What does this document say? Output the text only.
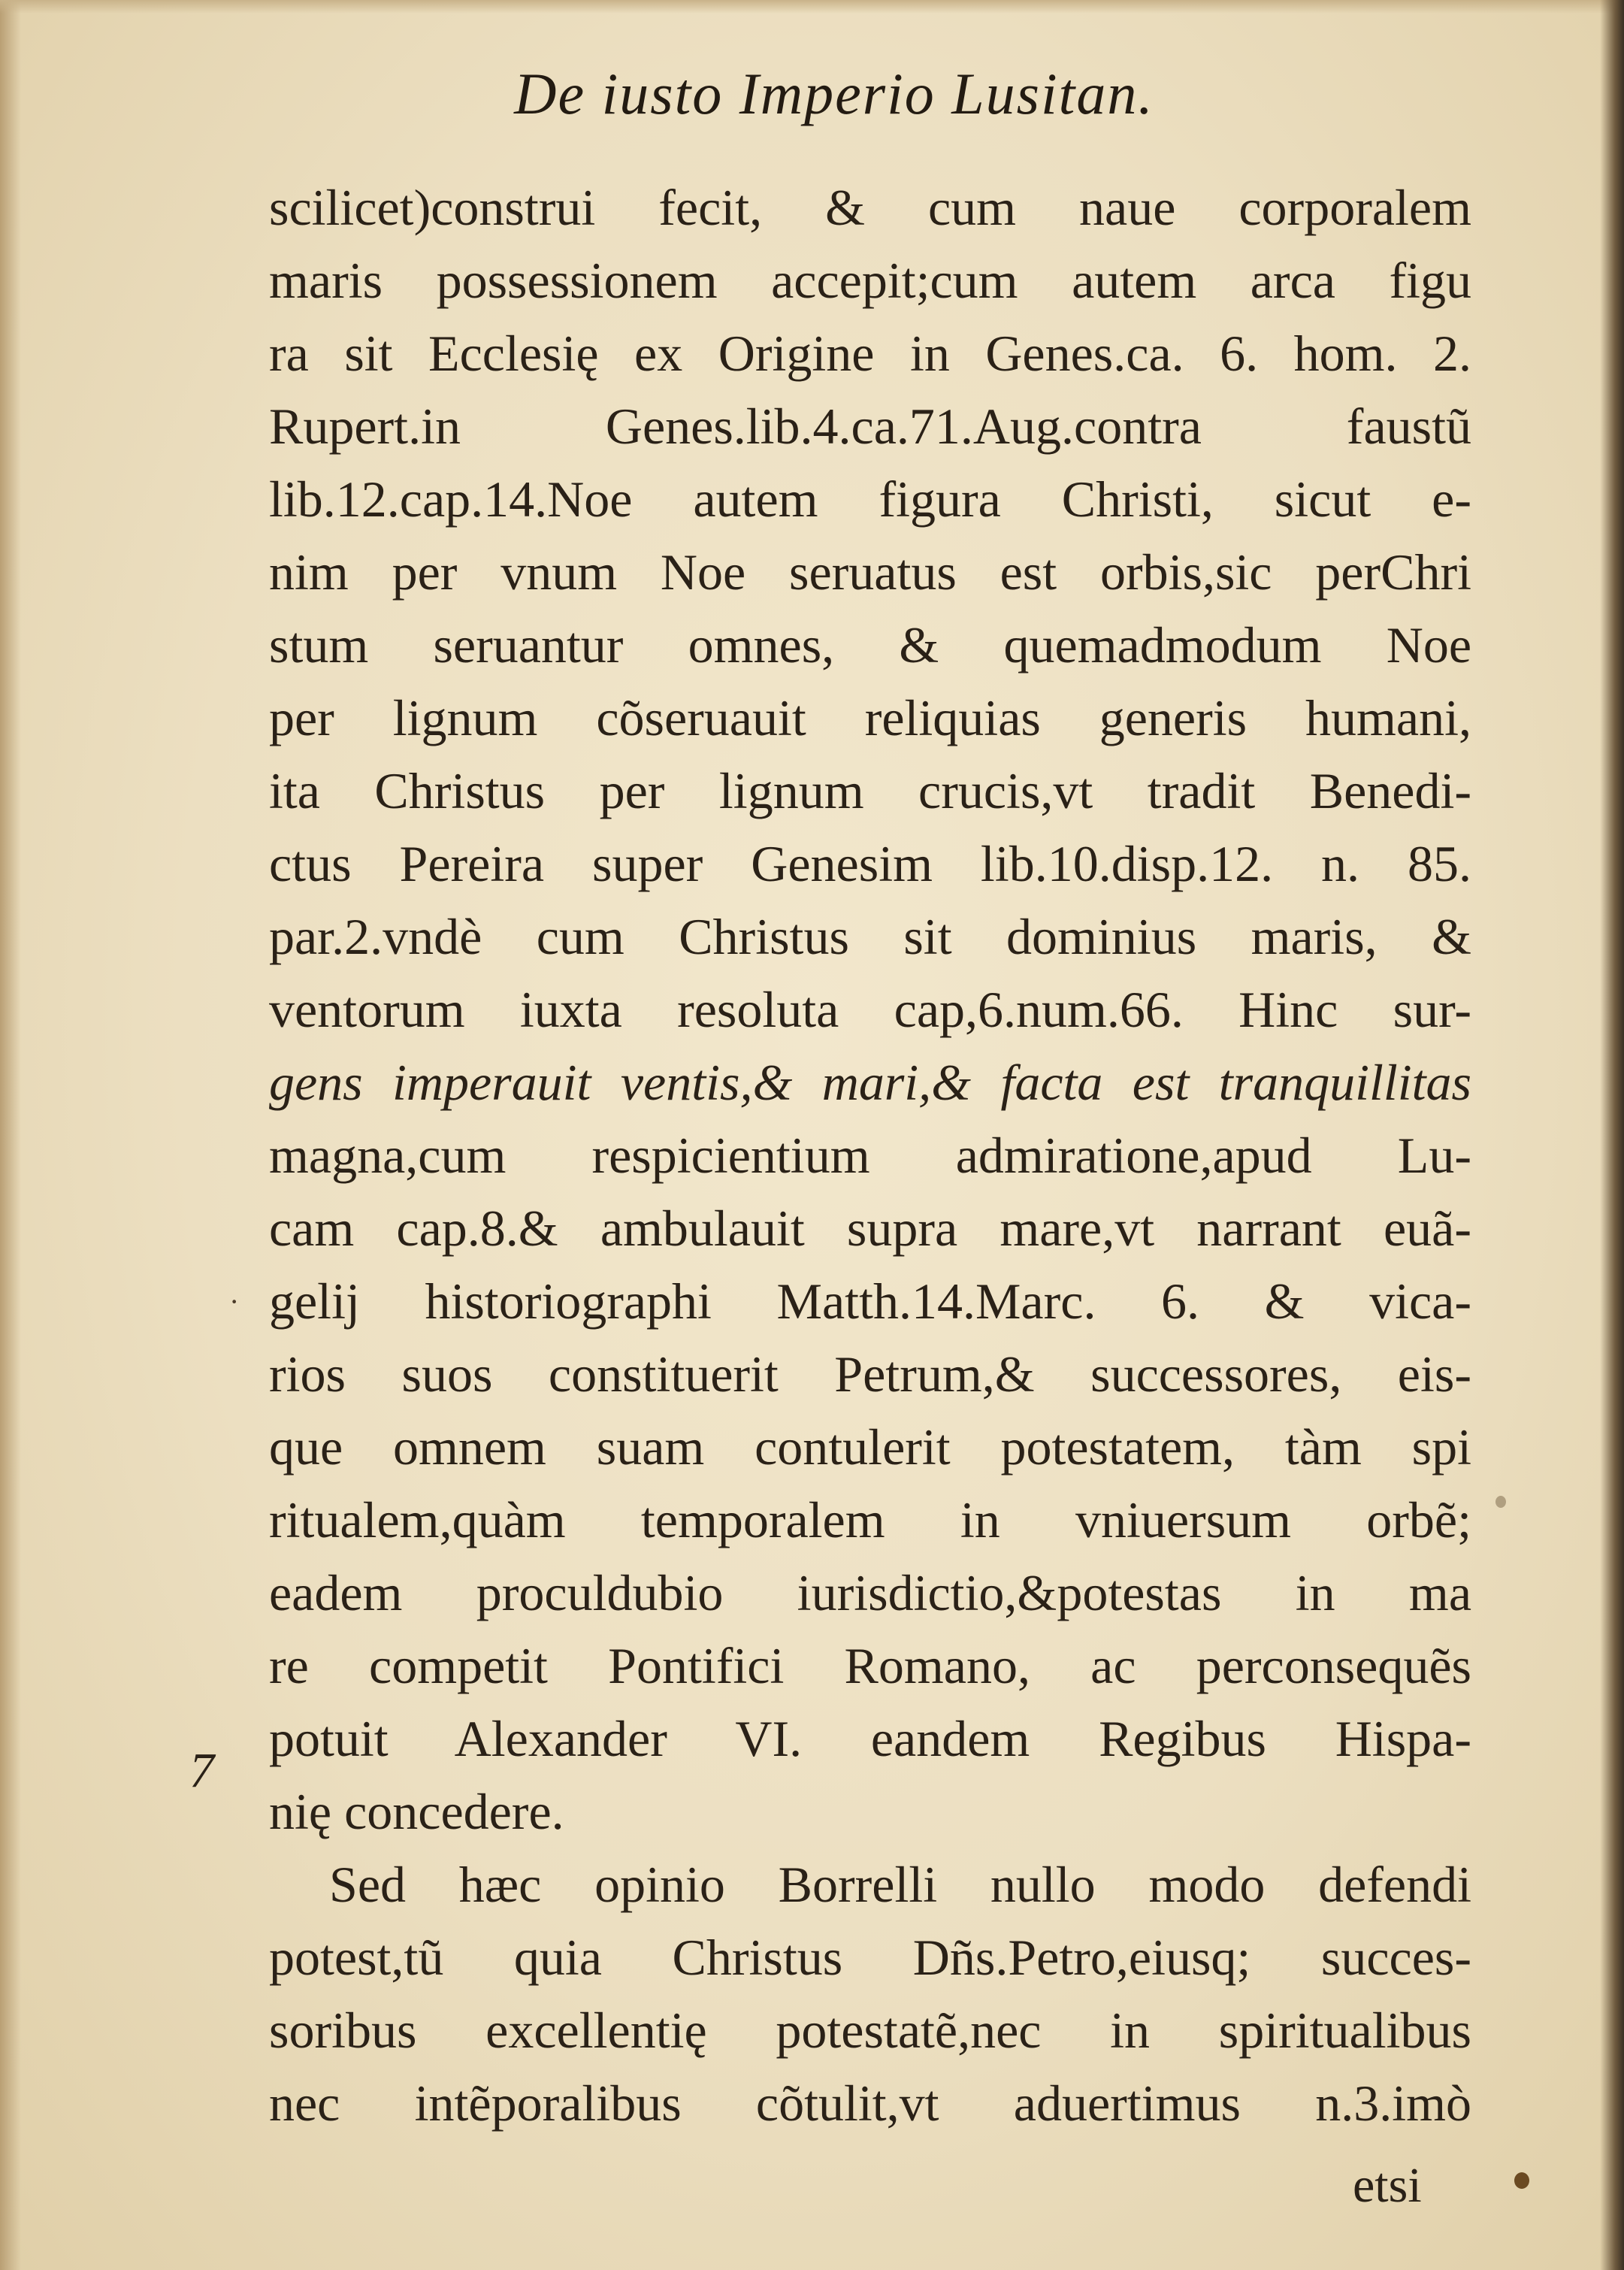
De iusto Imperio Lusitan.
scilicet)construi fecit, & cum naue corporalem
maris possessionem accepit;cum autem arca figu
ra sit Ecclesię ex Origine in Genes.ca. 6. hom. 2.
Rupert.in Genes.lib.4.ca.71.Aug.contra faustũ
lib.12.cap.14.Noe autem figura Christi, sicut e-
nim per vnum Noe seruatus est orbis,sic perChri
stum seruantur omnes, & quemadmodum Noe
per lignum cõseruauit reliquias generis humani,
ita Christus per lignum crucis,vt tradit Benedi-
ctus Pereira super Genesim lib.10.disp.12. n. 85.
par.2.vndè cum Christus sit dominius maris, &
ventorum iuxta resoluta cap,6.num.66. Hinc sur-
gens imperauit ventis,& mari,& facta est tranquillitas
magna,cum respicientium admiratione,apud Lu-
cam cap.8.& ambulauit supra mare,vt narrant euã-
gelij historiographi Matth.14.Marc. 6. & vica-
rios suos constituerit Petrum,& successores, eis-
que omnem suam contulerit potestatem, tàm spi
ritualem,quàm temporalem in vniuersum orbẽ;
eadem proculdubio iurisdictio,&potestas in ma
re competit Pontifici Romano, ac perconsequẽs
potuit Alexander VI. eandem Regibus Hispa-
nię concedere.
Sed hæc opinio Borrelli nullo modo defendi
potest,tũ quia Christus Dñs.Petro,eiusq; succes-
soribus excellentię potestatẽ,nec in spiritualibus
nec intẽporalibus cõtulit,vt aduertimus n.3.imò
7
etsi
·
